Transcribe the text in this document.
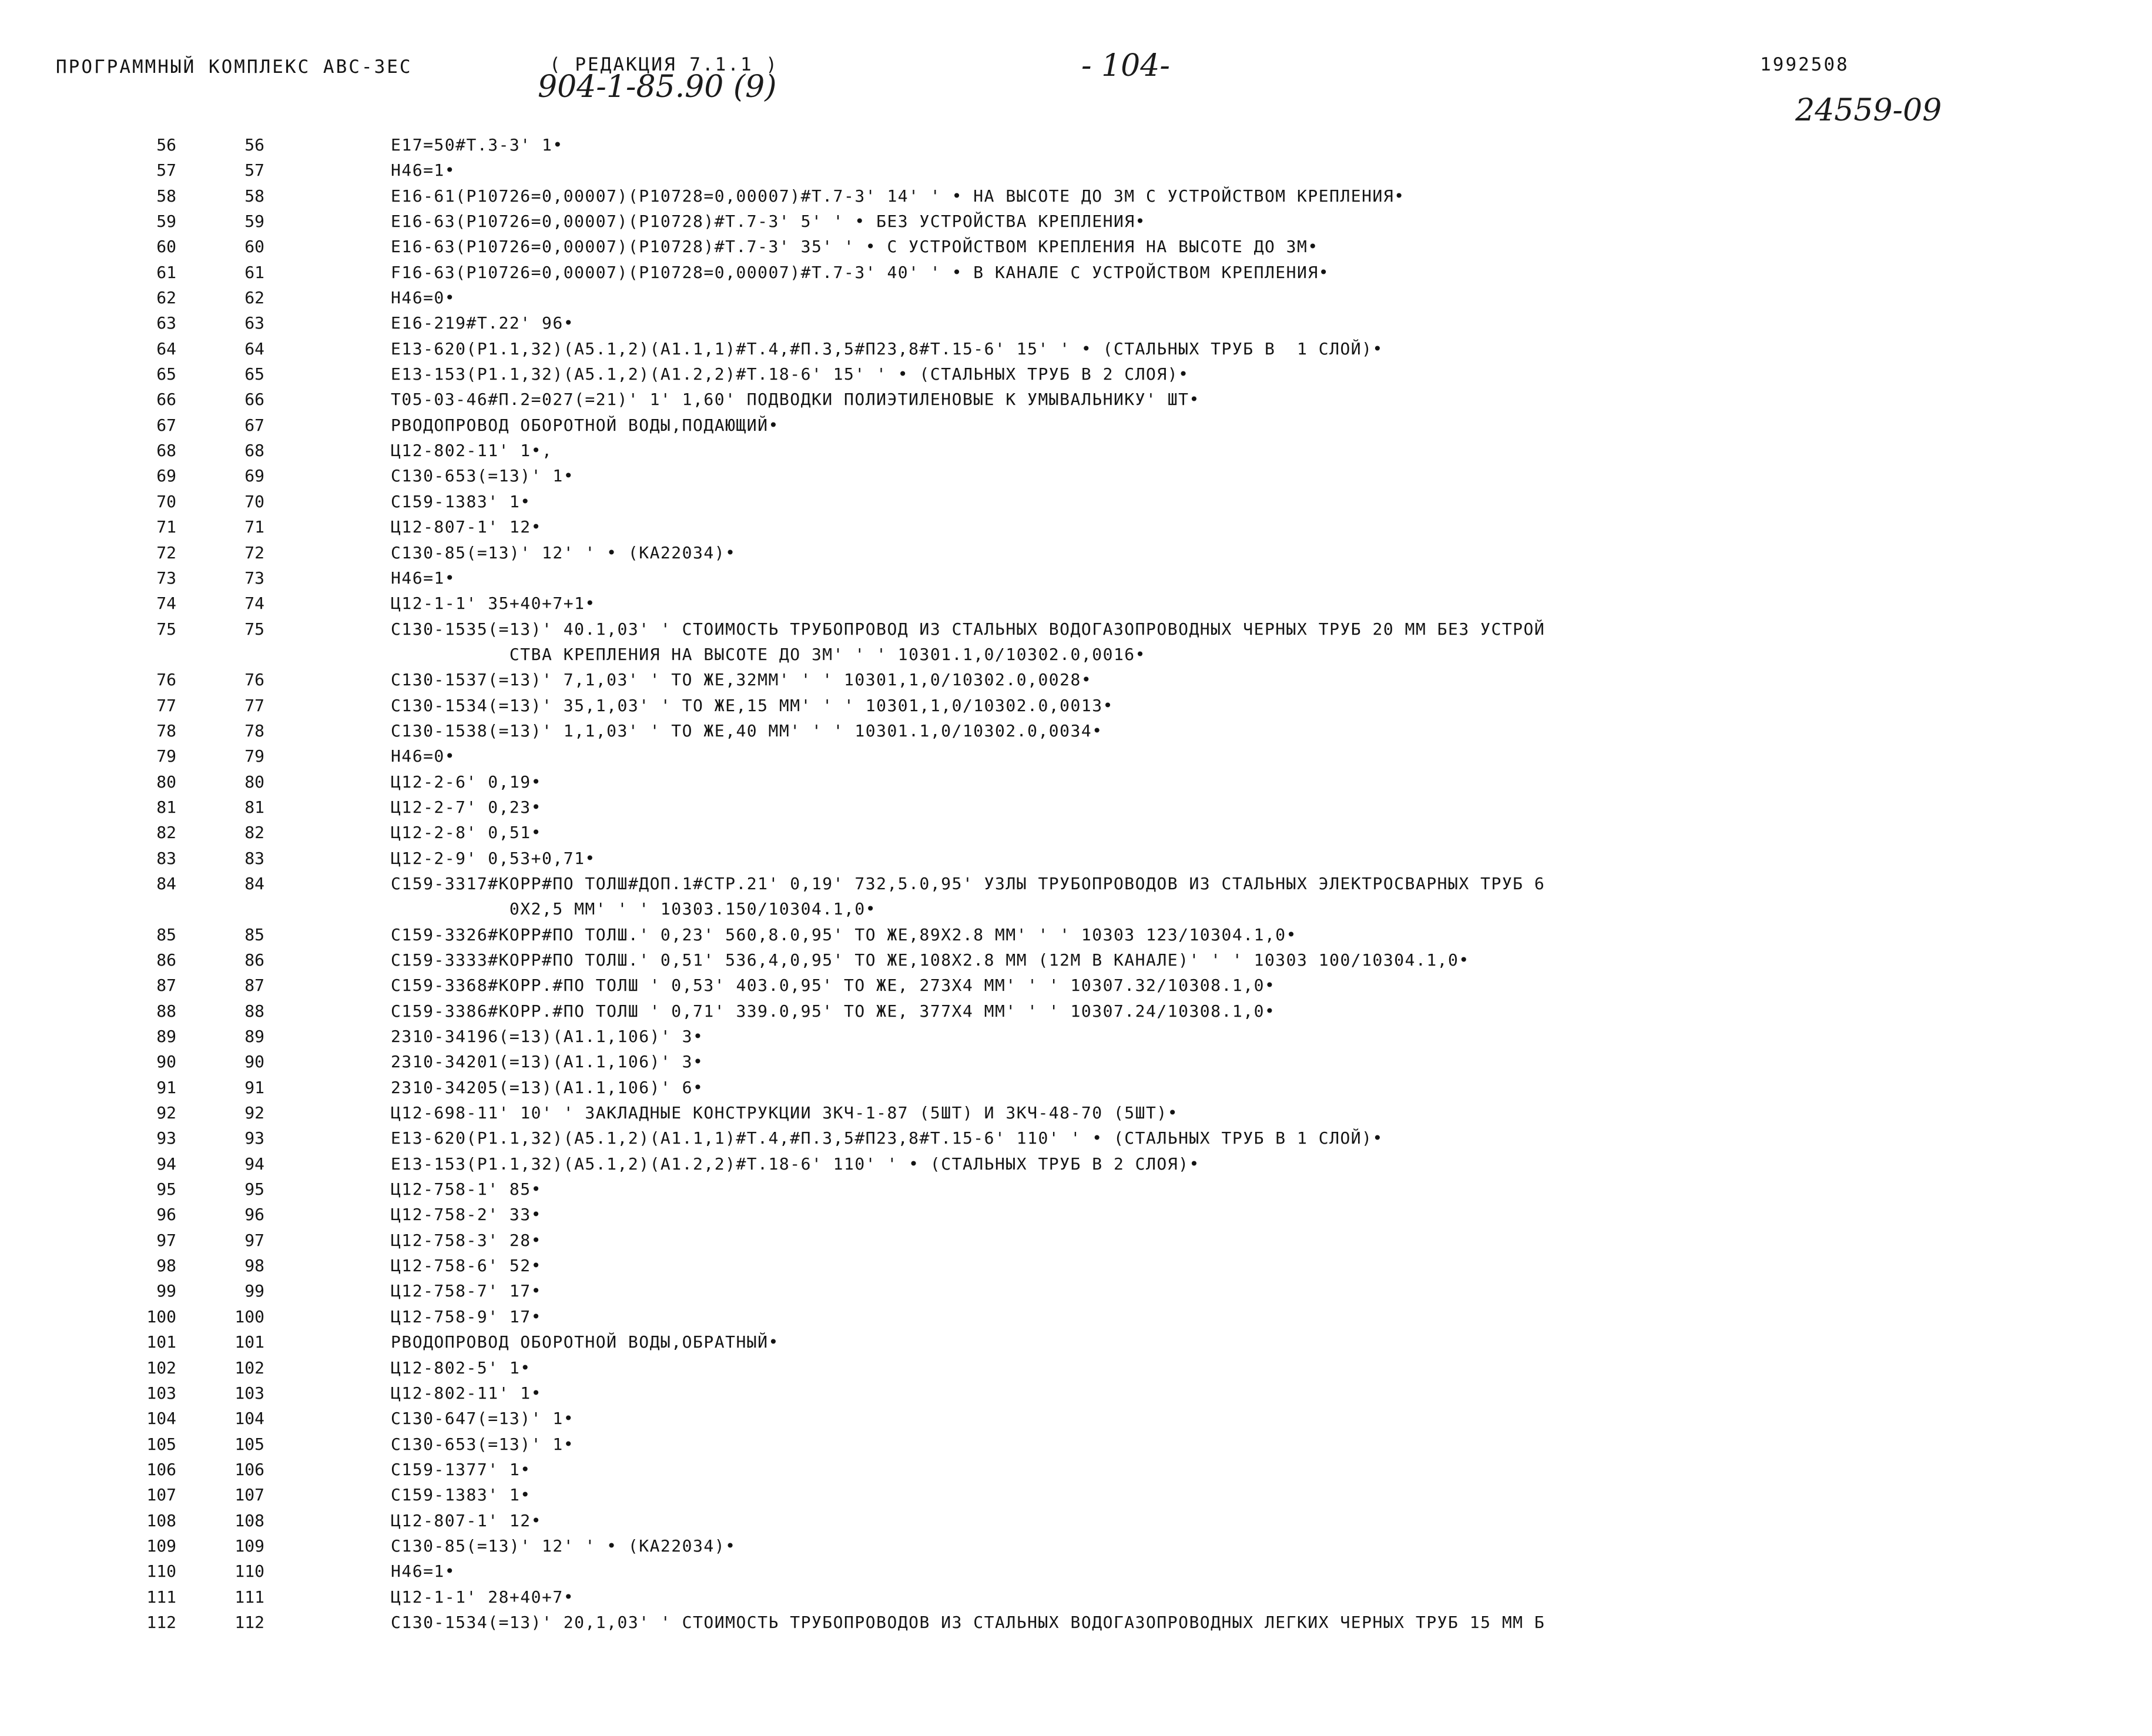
ПРОГРАММНЫЙ КОМПЛЕКС АВС-ЗЕС	( РЕДАКЦИЯ 7.1.1 )
904-1-85.90 (9)
- 104-	1992508
24559-09
56	56	E17=50#T.3-3' 1•
57	57	H46=1•
58	58	E16-61(P10726=0,00007)(P10728=0,00007)#T.7-3' 14' ' • НА ВЫСОТЕ ДО 3М С УСТРОЙСТВОМ КРЕПЛЕНИЯ•
59	59	E16-63(P10726=0,00007)(P10728)#T.7-3' 5' ' • БЕЗ УСТРОЙСТВА КРЕПЛЕНИЯ•
60	60	E16-63(P10726=0,00007)(P10728)#T.7-3' 35' ' • С УСТРОЙСТВОМ КРЕПЛЕНИЯ НА ВЫСОТЕ ДО 3М•
61	61	F16-63(P10726=0,00007)(P10728=0,00007)#T.7-3' 40' ' • В КАНАЛЕ С УСТРОЙСТВОМ КРЕПЛЕНИЯ•
62	62	H46=0•
63	63	E16-219#T.22' 96•
64	64	E13-620(P1.1,32)(A5.1,2)(A1.1,1)#T.4,#П.3,5#П23,8#T.15-6' 15' ' • (СТАЛЬНЫХ ТРУБ В  1 СЛОЙ)•
65	65	E13-153(P1.1,32)(A5.1,2)(A1.2,2)#T.18-6' 15' ' • (СТАЛЬНЫХ ТРУБ В 2 СЛОЯ)•
66	66	T05-03-46#П.2=027(=21)' 1' 1,60' ПОДВОДКИ ПОЛИЭТИЛЕНОВЫЕ К УМЫВАЛЬНИКУ' ШТ•
67	67	РВОДОПРОВОД ОБОРОТНОЙ ВОДЫ,ПОДАЮЩИЙ•
68	68	Ц12-802-11' 1•,
69	69	C130-653(=13)' 1•
70	70	C159-1383' 1•
71	71	Ц12-807-1' 12•
72	72	C130-85(=13)' 12' ' • (KA22034)•
73	73	H46=1•
74	74	Ц12-1-1' 35+40+7+1•
75	75	C130-1535(=13)' 40.1,03' ' СТОИМОСТЬ ТРУБОПРОВОД ИЗ СТАЛЬНЫХ ВОДОГАЗОПРОВОДНЫХ ЧЕРНЫХ ТРУБ 20 ММ БЕЗ УСТРОЙ
СТВА КРЕПЛЕНИЯ НА ВЫСОТЕ ДО 3М' ' ' 10301.1,0/10302.0,0016•
76	76	C130-1537(=13)' 7,1,03' ' ТО ЖЕ,32ММ' ' ' 10301,1,0/10302.0,0028•
77	77	C130-1534(=13)' 35,1,03' ' ТО ЖЕ,15 ММ' ' ' 10301,1,0/10302.0,0013•
78	78	C130-1538(=13)' 1,1,03' ' ТО ЖЕ,40 ММ' ' ' 10301.1,0/10302.0,0034•
79	79	H46=0•
80	80	Ц12-2-6' 0,19•
81	81	Ц12-2-7' 0,23•
82	82	Ц12-2-8' 0,51•
83	83	Ц12-2-9' 0,53+0,71•
84	84	C159-3317#КОРР#ПО ТОЛШ#ДОП.1#СТР.21' 0,19' 732,5.0,95' УЗЛЫ ТРУБОПРОВОДОВ ИЗ СТАЛЬНЫХ ЭЛЕКТРОСВАРНЫХ ТРУБ 6
0X2,5 ММ' ' ' 10303.150/10304.1,0•
85	85	C159-3326#КОРР#ПО ТОЛШ.' 0,23' 560,8.0,95' ТО ЖЕ,89X2.8 ММ' ' ' 10303 123/10304.1,0•
86	86	C159-3333#КОРР#ПО ТОЛШ.' 0,51' 536,4,0,95' ТО ЖЕ,108X2.8 ММ (12М В КАНАЛЕ)' ' ' 10303 100/10304.1,0•
87	87	C159-3368#КОРР.#ПО ТОЛШ ' 0,53' 403.0,95' ТО ЖЕ, 273X4 ММ' ' ' 10307.32/10308.1,0•
88	88	C159-3386#КОРР.#ПО ТОЛШ ' 0,71' 339.0,95' ТО ЖЕ, 377X4 ММ' ' ' 10307.24/10308.1,0•
89	89	2310-34196(=13)(A1.1,106)' 3•
90	90	2310-34201(=13)(A1.1,106)' 3•
91	91	2310-34205(=13)(A1.1,106)' 6•
92	92	Ц12-698-11' 10' ' ЗАКЛАДНЫЕ КОНСТРУКЦИИ ЗКЧ-1-87 (5ШТ) И ЗКЧ-48-70 (5ШТ)•
93	93	E13-620(P1.1,32)(A5.1,2)(A1.1,1)#T.4,#П.3,5#П23,8#T.15-6' 110' ' • (СТАЛЬНЫХ ТРУБ В 1 СЛОЙ)•
94	94	E13-153(P1.1,32)(A5.1,2)(A1.2,2)#T.18-6' 110' ' • (СТАЛЬНЫХ ТРУБ В 2 СЛОЯ)•
95	95	Ц12-758-1' 85•
96	96	Ц12-758-2' 33•
97	97	Ц12-758-3' 28•
98	98	Ц12-758-6' 52•
99	99	Ц12-758-7' 17•
100	100	Ц12-758-9' 17•
101	101	РВОДОПРОВОД ОБОРОТНОЙ ВОДЫ,ОБРАТНЫЙ•
102	102	Ц12-802-5' 1•
103	103	Ц12-802-11' 1•
104	104	C130-647(=13)' 1•
105	105	C130-653(=13)' 1•
106	106	C159-1377' 1•
107	107	C159-1383' 1•
108	108	Ц12-807-1' 12•
109	109	C130-85(=13)' 12' ' • (KA22034)•
110	110	H46=1•
111	111	Ц12-1-1' 28+40+7•
112	112	C130-1534(=13)' 20,1,03' ' СТОИМОСТЬ ТРУБОПРОВОДОВ ИЗ СТАЛЬНЫХ ВОДОГАЗОПРОВОДНЫХ ЛЕГКИХ ЧЕРНЫХ ТРУБ 15 ММ Б
